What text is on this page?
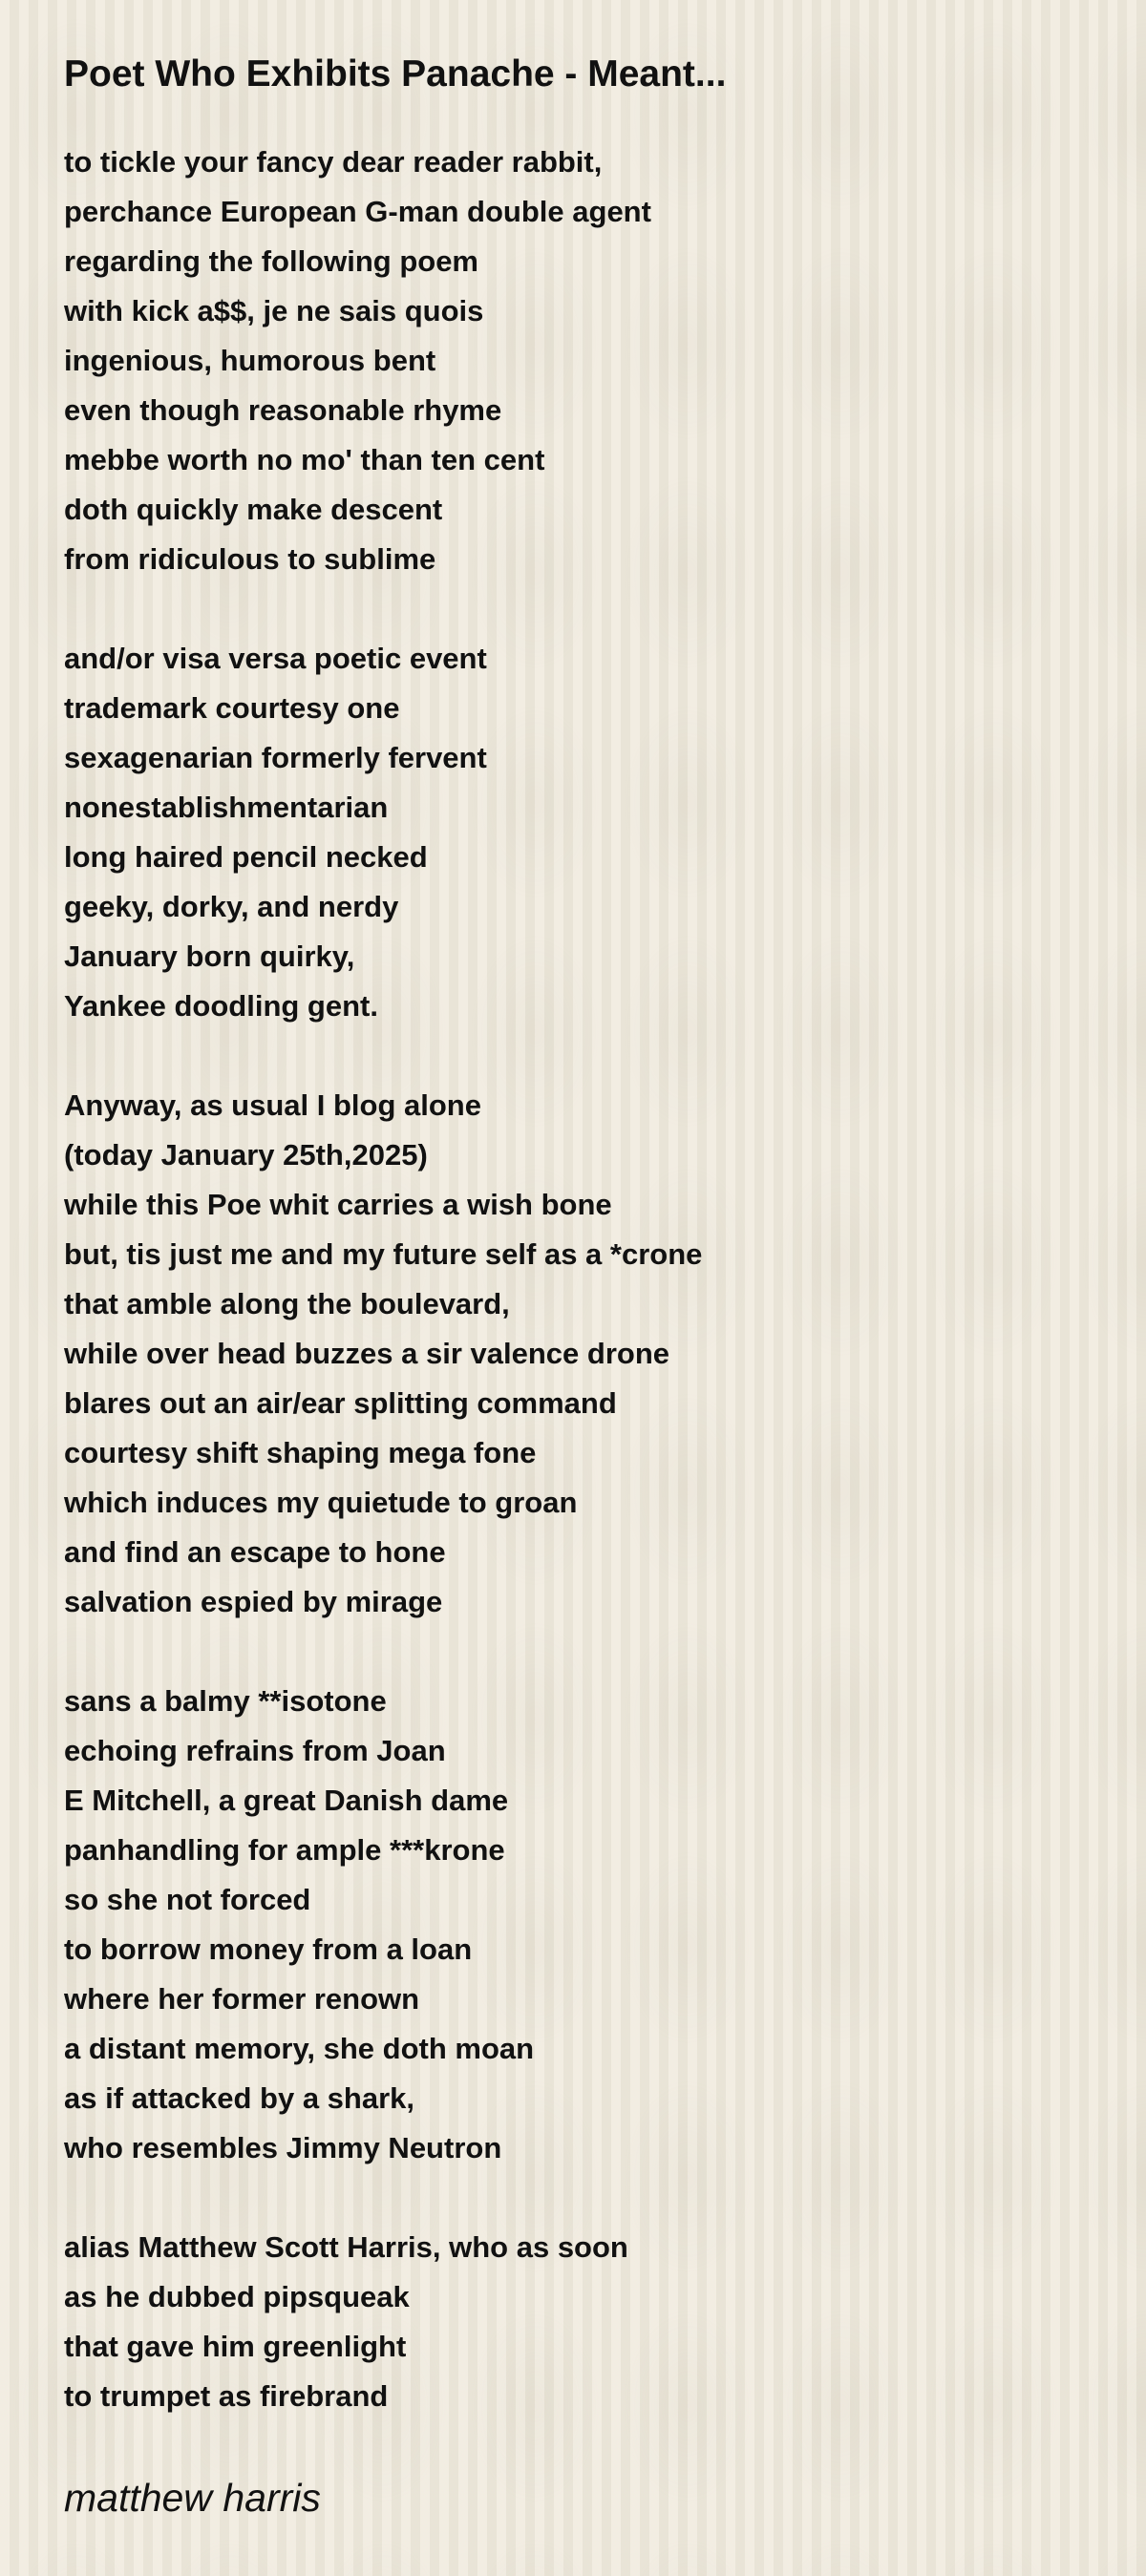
Poet Who Exhibits Panache - Meant...
to tickle your fancy dear reader rabbit,
perchance European G-man double agent
regarding the following poem
with kick a$$, je ne sais quois
ingenious, humorous bent
even though reasonable rhyme
mebbe worth no mo' than ten cent
doth quickly make descent
from ridiculous to sublime
and/or visa versa poetic event
trademark courtesy one
sexagenarian formerly fervent
nonestablishmentarian
long haired pencil necked
geeky, dorky, and nerdy
January born quirky,
Yankee doodling gent.
Anyway, as usual I blog alone
(today January 25th,2025)
while this Poe whit carries a wish bone
but, tis just me and my future self as a *crone
that amble along the boulevard,
while over head buzzes a sir valence drone
blares out an air/ear splitting command
courtesy shift shaping mega fone
which induces my quietude to groan
and find an escape to hone
salvation espied by mirage
sans a balmy **isotone
echoing refrains from Joan
E Mitchell, a great Danish dame
panhandling for ample ***krone
so she not forced
to borrow money from a loan
where her former renown
a distant memory, she doth moan
as if attacked by a shark,
who resembles Jimmy Neutron
alias Matthew Scott Harris, who as soon
as he dubbed pipsqueak
that gave him greenlight
to trumpet as firebrand
matthew harris
